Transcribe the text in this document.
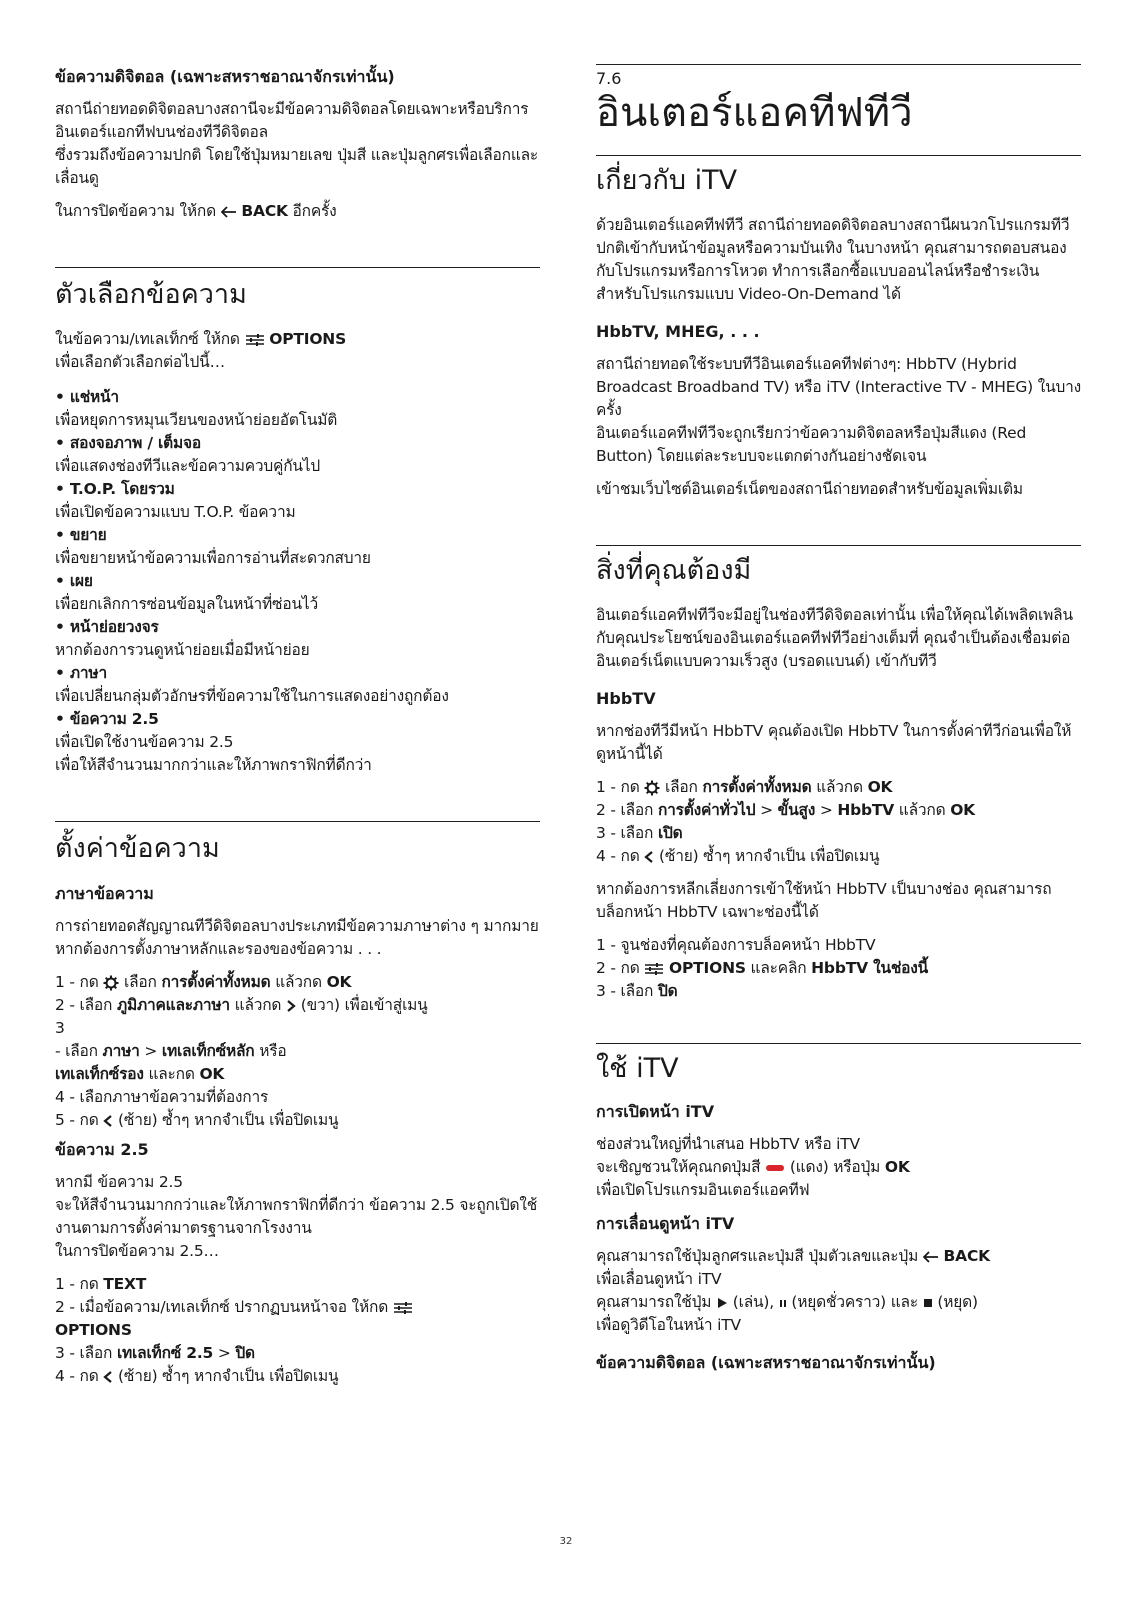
ข้อความดิจิตอล (เฉพาะสหราชอาณาจักรเท่านั้น)

สถานีถ่ายทอดดิจิตอลบางสถานีจะมีข้อความดิจิตอลโดยเฉพาะหรือบริการอินเตอร์แอกทีฟบนช่องทีวีดิจิตอล

ซึ่งรวมถึงข้อความปกติ โดยใช้ปุ่มหมายเลข ปุ่มสี และปุ่มลูกศรเพื่อเลือกและเลื่อนดู

ในการปิดข้อความ ให้กด  BACK อีกครั้ง

ตัวเลือกข้อความ

ในข้อความ/เทเลเท็กซ์ ให้กด  OPTIONS

เพื่อเลือกตัวเลือกต่อไปนี้…

• แช่หน้า

เพื่อหยุดการหมุนเวียนของหน้าย่อยอัตโนมัติ

• สองจอภาพ / เต็มจอ

เพื่อแสดงช่องทีวีและข้อความควบคู่กันไป

• T.O.P. โดยรวม

เพื่อเปิดข้อความแบบ T.O.P. ข้อความ

• ขยาย

เพื่อขยายหน้าข้อความเพื่อการอ่านที่สะดวกสบาย

• เผย

เพื่อยกเลิกการซ่อนข้อมูลในหน้าที่ซ่อนไว้

• หน้าย่อยวงจร

หากต้องการวนดูหน้าย่อยเมื่อมีหน้าย่อย

• ภาษา

เพื่อเปลี่ยนกลุ่มตัวอักษรที่ข้อความใช้ในการแสดงอย่างถูกต้อง

• ข้อความ 2.5

เพื่อเปิดใช้งานข้อความ 2.5

เพื่อให้สีจำนวนมากกว่าและให้ภาพกราฟิกที่ดีกว่า

ตั้งค่าข้อความ

ภาษาข้อความ

การถ่ายทอดสัญญาณทีวีดิจิตอลบางประเภทมีข้อความภาษาต่าง ๆ มากมาย

หากต้องการตั้งภาษาหลักและรองของข้อความ . . .

1 - กด  เลือก การตั้งค่าทั้งหมด แล้วกด OK

2 - เลือก ภูมิภาคและภาษา แล้วกด  (ขวา) เพื่อเข้าสู่เมนู

3

- เลือก ภาษา > เทเลเท็กซ์หลัก หรือ

เทเลเท็กซ์รอง และกด OK

4 - เลือกภาษาข้อความที่ต้องการ

5 - กด  (ซ้าย) ซ้ำๆ หากจำเป็น เพื่อปิดเมนู

ข้อความ 2.5

หากมี ข้อความ 2.5

จะให้สีจำนวนมากกว่าและให้ภาพกราฟิกที่ดีกว่า ข้อความ 2.5 จะถูกเปิดใช้งานตามการตั้งค่ามาตรฐานจากโรงงาน

ในการปิดข้อความ 2.5…

1 - กด TEXT

2 - เมื่อข้อความ/เทเลเท็กซ์ ปรากฏบนหน้าจอ ให้กด

OPTIONS

3 - เลือก เทเลเท็กซ์ 2.5 > ปิด

4 - กด  (ซ้าย) ซ้ำๆ หากจำเป็น เพื่อปิดเมนู

7.6

อินเตอร์แอคทีฟทีวี

เกี่ยวกับ iTV

ด้วยอินเตอร์แอคทีฟทีวี สถานีถ่ายทอดดิจิตอลบางสถานีผนวกโปรแกรมทีวีปกติเข้ากับหน้าข้อมูลหรือความบันเทิง ในบางหน้า คุณสามารถตอบสนองกับโปรแกรมหรือการโหวต ทำการเลือกซื้อแบบออนไลน์หรือชำระเงินสำหรับโปรแกรมแบบ Video-On-Demand ได้

HbbTV, MHEG, . . .

สถานีถ่ายทอดใช้ระบบทีวีอินเตอร์แอคทีฟต่างๆ: HbbTV (Hybrid Broadcast Broadband TV) หรือ iTV (Interactive TV - MHEG) ในบางครั้ง

อินเตอร์แอคทีฟทีวีจะถูกเรียกว่าข้อความดิจิตอลหรือปุ่มสีแดง (Red Button) โดยแต่ละระบบจะแตกต่างกันอย่างชัดเจน

เข้าชมเว็บไซต์อินเตอร์เน็ตของสถานีถ่ายทอดสำหรับข้อมูลเพิ่มเติม

สิ่งที่คุณต้องมี

อินเตอร์แอคทีฟทีวีจะมีอยู่ในช่องทีวีดิจิตอลเท่านั้น เพื่อให้คุณได้เพลิดเพลินกับคุณประโยชน์ของอินเตอร์แอคทีฟทีวีอย่างเต็มที่ คุณจำเป็นต้องเชื่อมต่ออินเตอร์เน็ตแบบความเร็วสูง (บรอดแบนด์) เข้ากับทีวี

HbbTV

หากช่องทีวีมีหน้า HbbTV คุณต้องเปิด HbbTV ในการตั้งค่าทีวีก่อนเพื่อให้ดูหน้านี้ได้

1 - กด  เลือก การตั้งค่าทั้งหมด แล้วกด OK

2 - เลือก การตั้งค่าทั่วไป > ขั้นสูง > HbbTV แล้วกด OK

3 - เลือก เปิด

4 - กด  (ซ้าย) ซ้ำๆ หากจำเป็น เพื่อปิดเมนู

หากต้องการหลีกเลี่ยงการเข้าใช้หน้า HbbTV เป็นบางช่อง คุณสามารถบล็อกหน้า HbbTV เฉพาะช่องนี้ได้

1 - จูนช่องที่คุณต้องการบล็อคหน้า HbbTV

2 - กด  OPTIONS และคลิก HbbTV ในช่องนี้

3 - เลือก ปิด

ใช้ iTV

การเปิดหน้า iTV

ช่องส่วนใหญ่ที่นำเสนอ HbbTV หรือ iTV

จะเชิญชวนให้คุณกดปุ่มสี  (แดง) หรือปุ่ม OK

เพื่อเปิดโปรแกรมอินเตอร์แอคทีฟ

การเลื่อนดูหน้า iTV

คุณสามารถใช้ปุ่มลูกศรและปุ่มสี ปุ่มตัวเลขและปุ่ม  BACK

เพื่อเลื่อนดูหน้า iTV

คุณสามารถใช้ปุ่ม  (เล่น),  (หยุดชั่วคราว) และ  (หยุด)

เพื่อดูวิดีโอในหน้า iTV

ข้อความดิจิตอล (เฉพาะสหราชอาณาจักรเท่านั้น)

32
